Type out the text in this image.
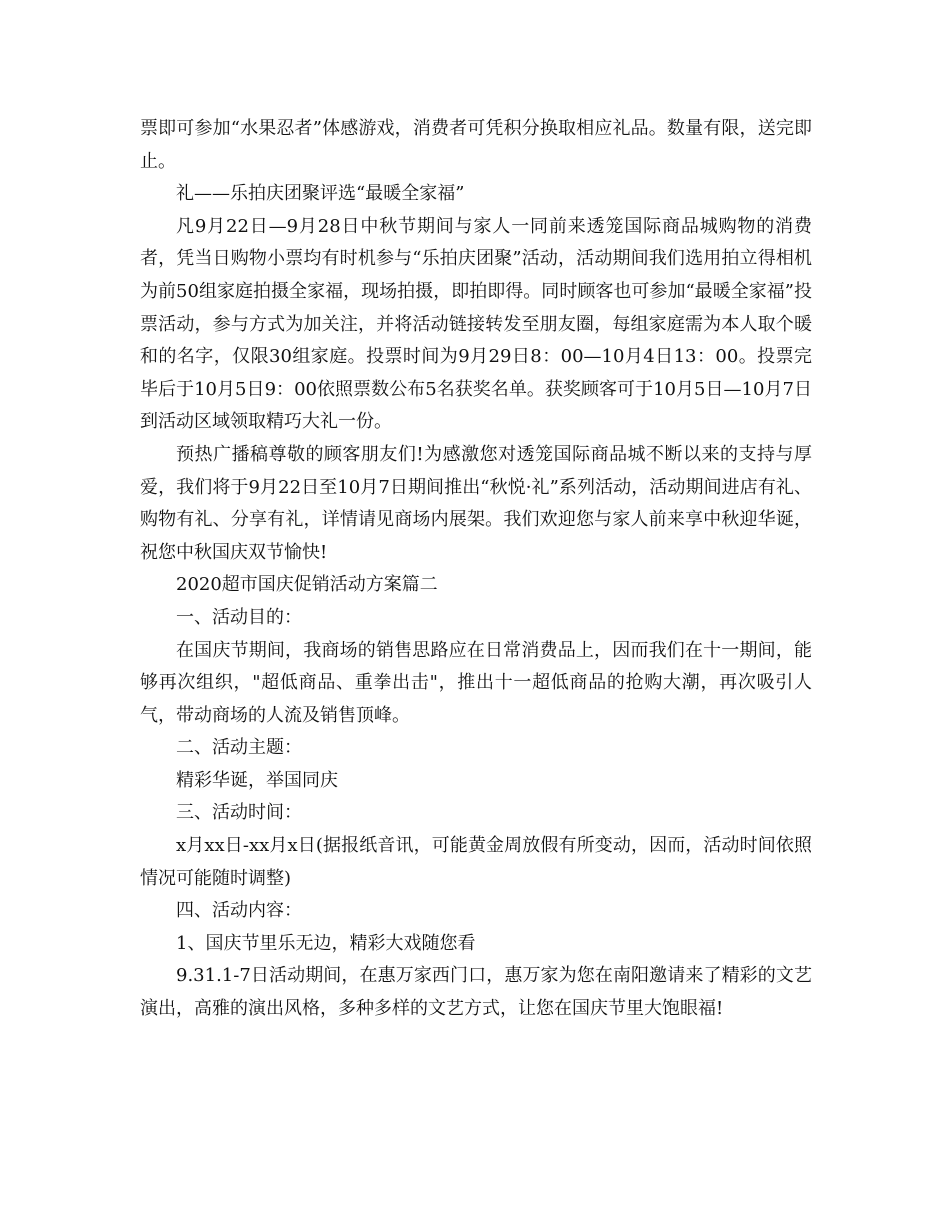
票即可参加“水果忍者”体感游戏，消费者可凭积分换取相应礼品。数量有限，送完即止。

礼——乐拍庆团聚评选“最暖全家福”

凡9月22日—9月28日中秋节期间与家人一同前来透笼国际商品城购物的消费者，凭当日购物小票均有时机参与“乐拍庆团聚”活动，活动期间我们选用拍立得相机为前50组家庭拍摄全家福，现场拍摄，即拍即得。同时顾客也可参加“最暖全家福”投票活动，参与方式为加关注，并将活动链接转发至朋友圈，每组家庭需为本人取个暖和的名字，仅限30组家庭。投票时间为9月29日8：00—10月4日13：00。投票完毕后于10月5日9：00依照票数公布5名获奖名单。获奖顾客可于10月5日—10月7日到活动区域领取精巧大礼一份。

预热广播稿尊敬的顾客朋友们!为感激您对透笼国际商品城不断以来的支持与厚爱，我们将于9月22日至10月7日期间推出“秋悦·礼”系列活动，活动期间进店有礼、购物有礼、分享有礼，详情请见商场内展架。我们欢迎您与家人前来享中秋迎华诞，祝您中秋国庆双节愉快!

2020超市国庆促销活动方案篇二

一、活动目的：

在国庆节期间，我商场的销售思路应在日常消费品上，因而我们在十一期间，能够再次组织，"超低商品、重拳出击"，推出十一超低商品的抢购大潮，再次吸引人气，带动商场的人流及销售顶峰。

二、活动主题：

精彩华诞，举国同庆

三、活动时间：

x月xx日-xx月x日(据报纸音讯，可能黄金周放假有所变动，因而，活动时间依照情况可能随时调整)

四、活动内容：

1、国庆节里乐无边，精彩大戏随您看

9.31.1-7日活动期间，在惠万家西门口，惠万家为您在南阳邀请来了精彩的文艺演出，高雅的演出风格，多种多样的文艺方式，让您在国庆节里大饱眼福!
